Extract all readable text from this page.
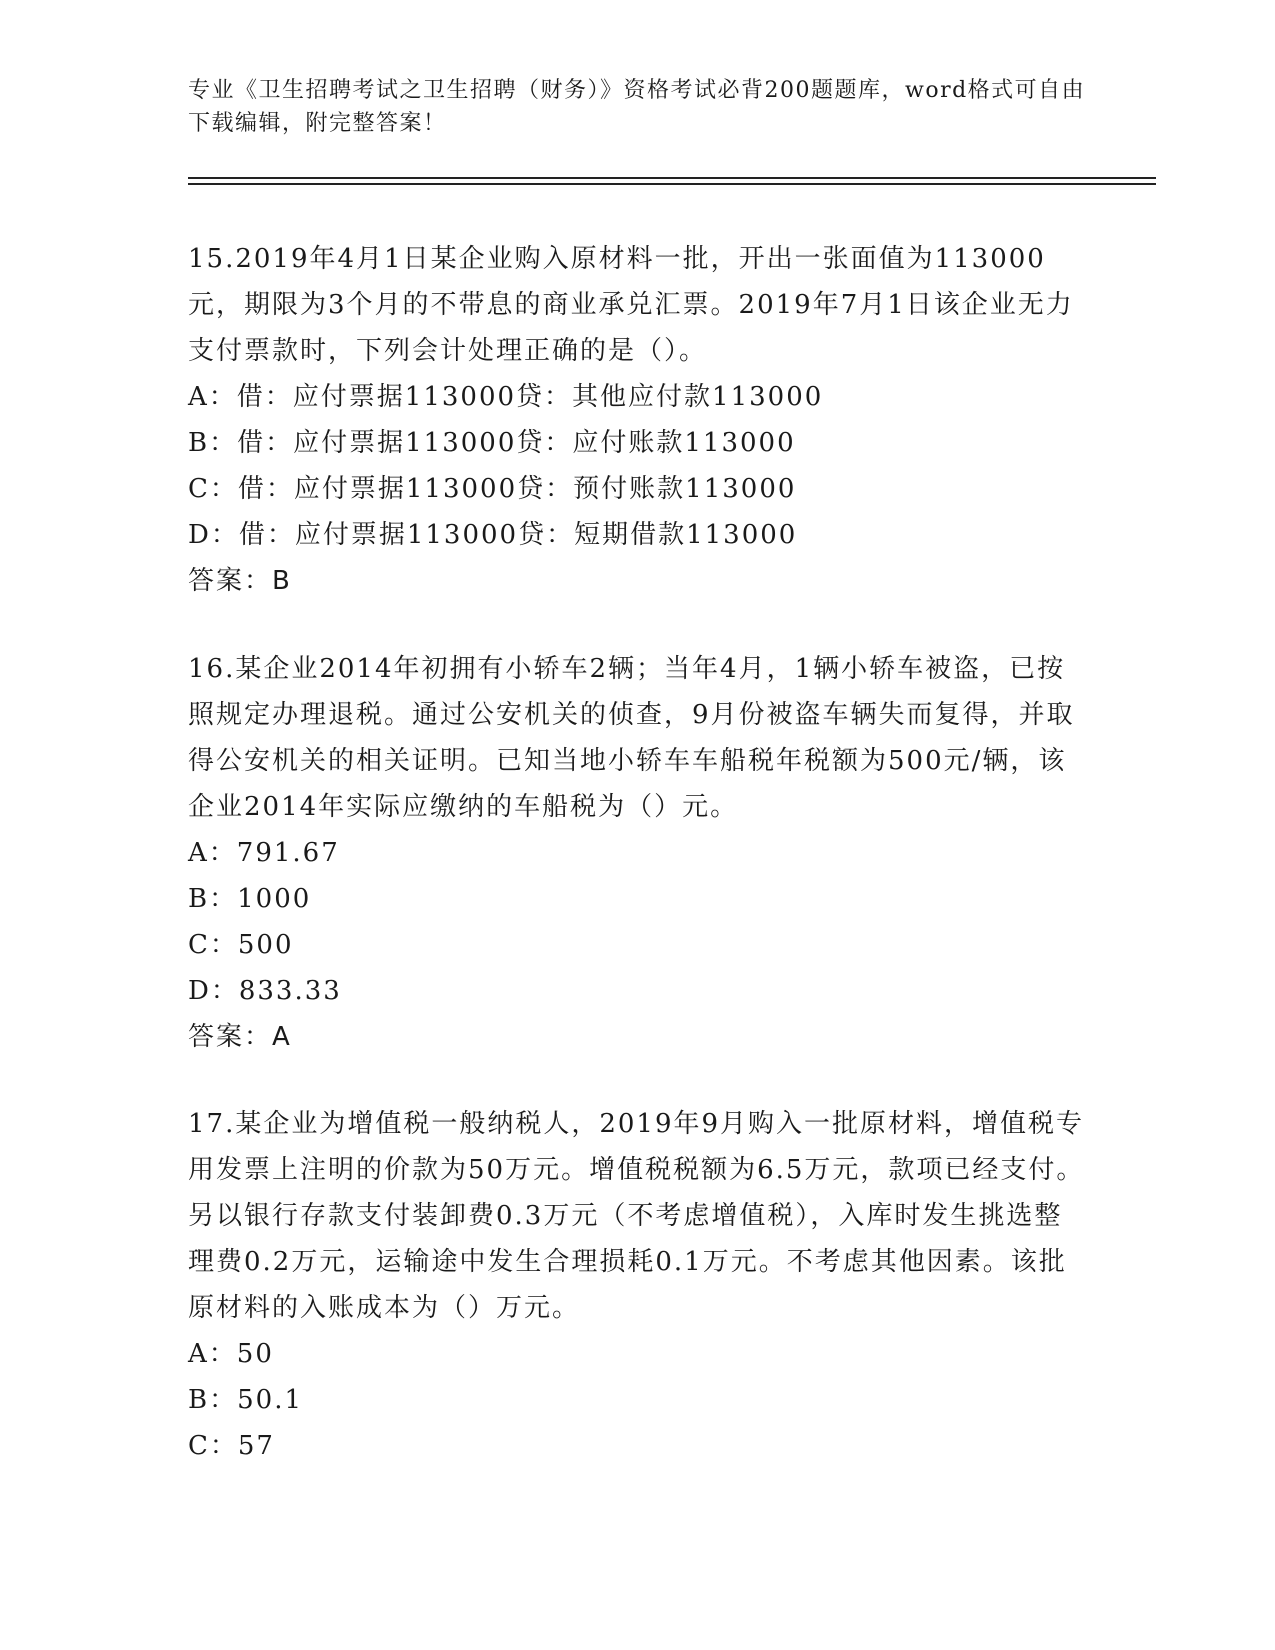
专业《卫生招聘考试之卫生招聘（财务）》资格考试必背200题题库，word格式可自由下载编辑，附完整答案！
15.2019年4月1日某企业购入原材料一批，开出一张面值为113000元，期限为3个月的不带息的商业承兑汇票。2019年7月1日该企业无力支付票款时，下列会计处理正确的是（）。
A：借：应付票据113000贷：其他应付款113000
B：借：应付票据113000贷：应付账款113000
C：借：应付票据113000贷：预付账款113000
D：借：应付票据113000贷：短期借款113000
答案：B
16.某企业2014年初拥有小轿车2辆；当年4月，1辆小轿车被盗，已按照规定办理退税。通过公安机关的侦查，9月份被盗车辆失而复得，并取得公安机关的相关证明。已知当地小轿车车船税年税额为500元/辆，该企业2014年实际应缴纳的车船税为（）元。
A：791.67
B：1000
C：500
D：833.33
答案：A
17.某企业为增值税一般纳税人，2019年9月购入一批原材料，增值税专用发票上注明的价款为50万元。增值税税额为6.5万元，款项已经支付。另以银行存款支付装卸费0.3万元（不考虑增值税），入库时发生挑选整理费0.2万元，运输途中发生合理损耗0.1万元。不考虑其他因素。该批原材料的入账成本为（）万元。
A：50
B：50.1
C：57
